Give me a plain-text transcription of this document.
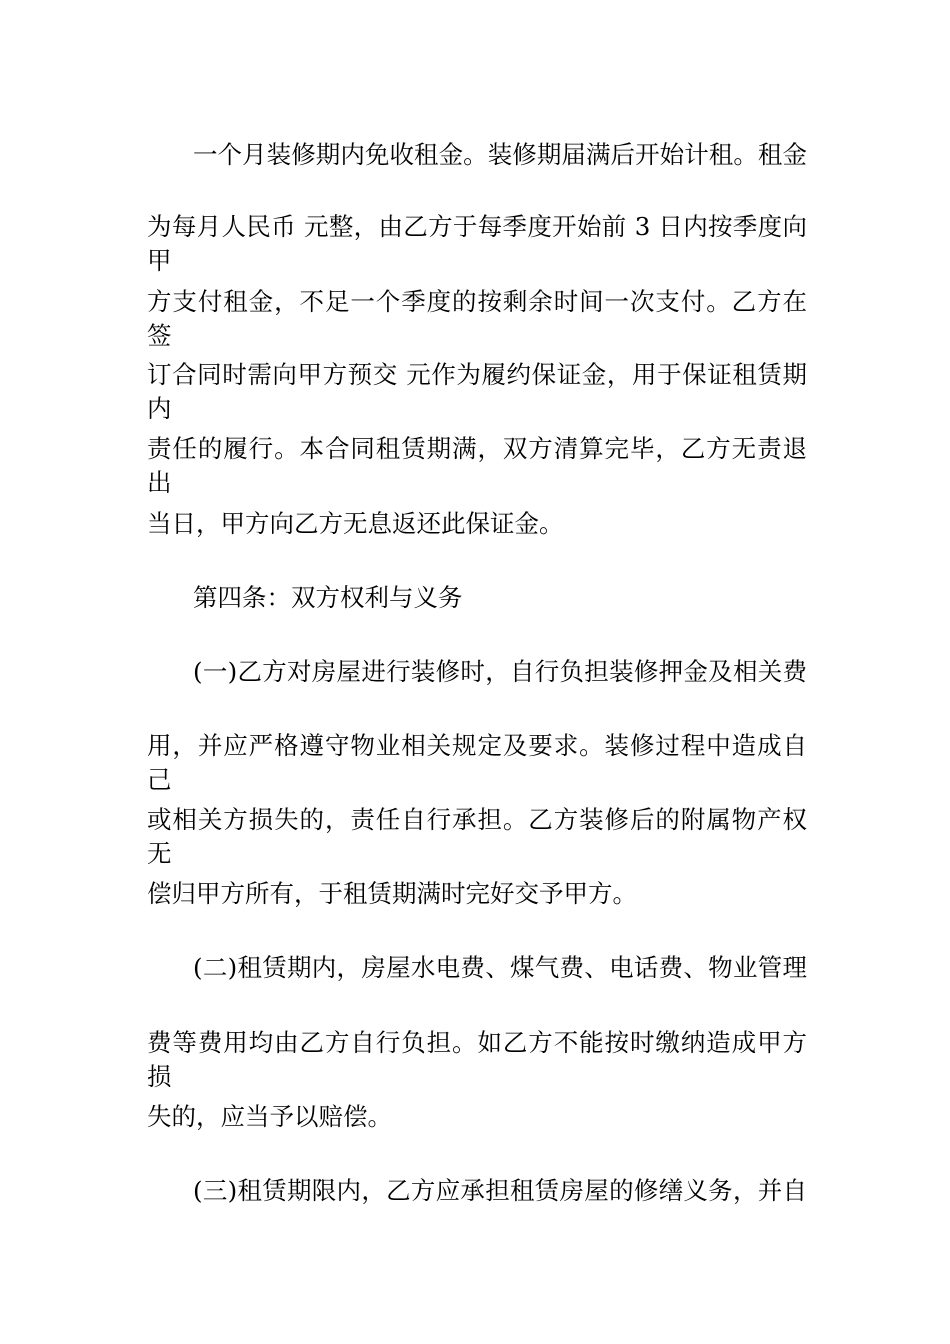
一个月装修期内免收租金。装修期届满后开始计租。租金
为每月人民币 元整，由乙方于每季度开始前 3 日内按季度向甲
方支付租金，不足一个季度的按剩余时间一次支付。乙方在签
订合同时需向甲方预交 元作为履约保证金，用于保证租赁期内
责任的履行。本合同租赁期满，双方清算完毕，乙方无责退出
当日，甲方向乙方无息返还此保证金。
第四条：双方权利与义务
(一)乙方对房屋进行装修时，自行负担装修押金及相关费
用，并应严格遵守物业相关规定及要求。装修过程中造成自己
或相关方损失的，责任自行承担。乙方装修后的附属物产权无
偿归甲方所有，于租赁期满时完好交予甲方。
(二)租赁期内，房屋水电费、煤气费、电话费、物业管理
费等费用均由乙方自行负担。如乙方不能按时缴纳造成甲方损
失的，应当予以赔偿。
(三)租赁期限内，乙方应承担租赁房屋的修缮义务，并自
